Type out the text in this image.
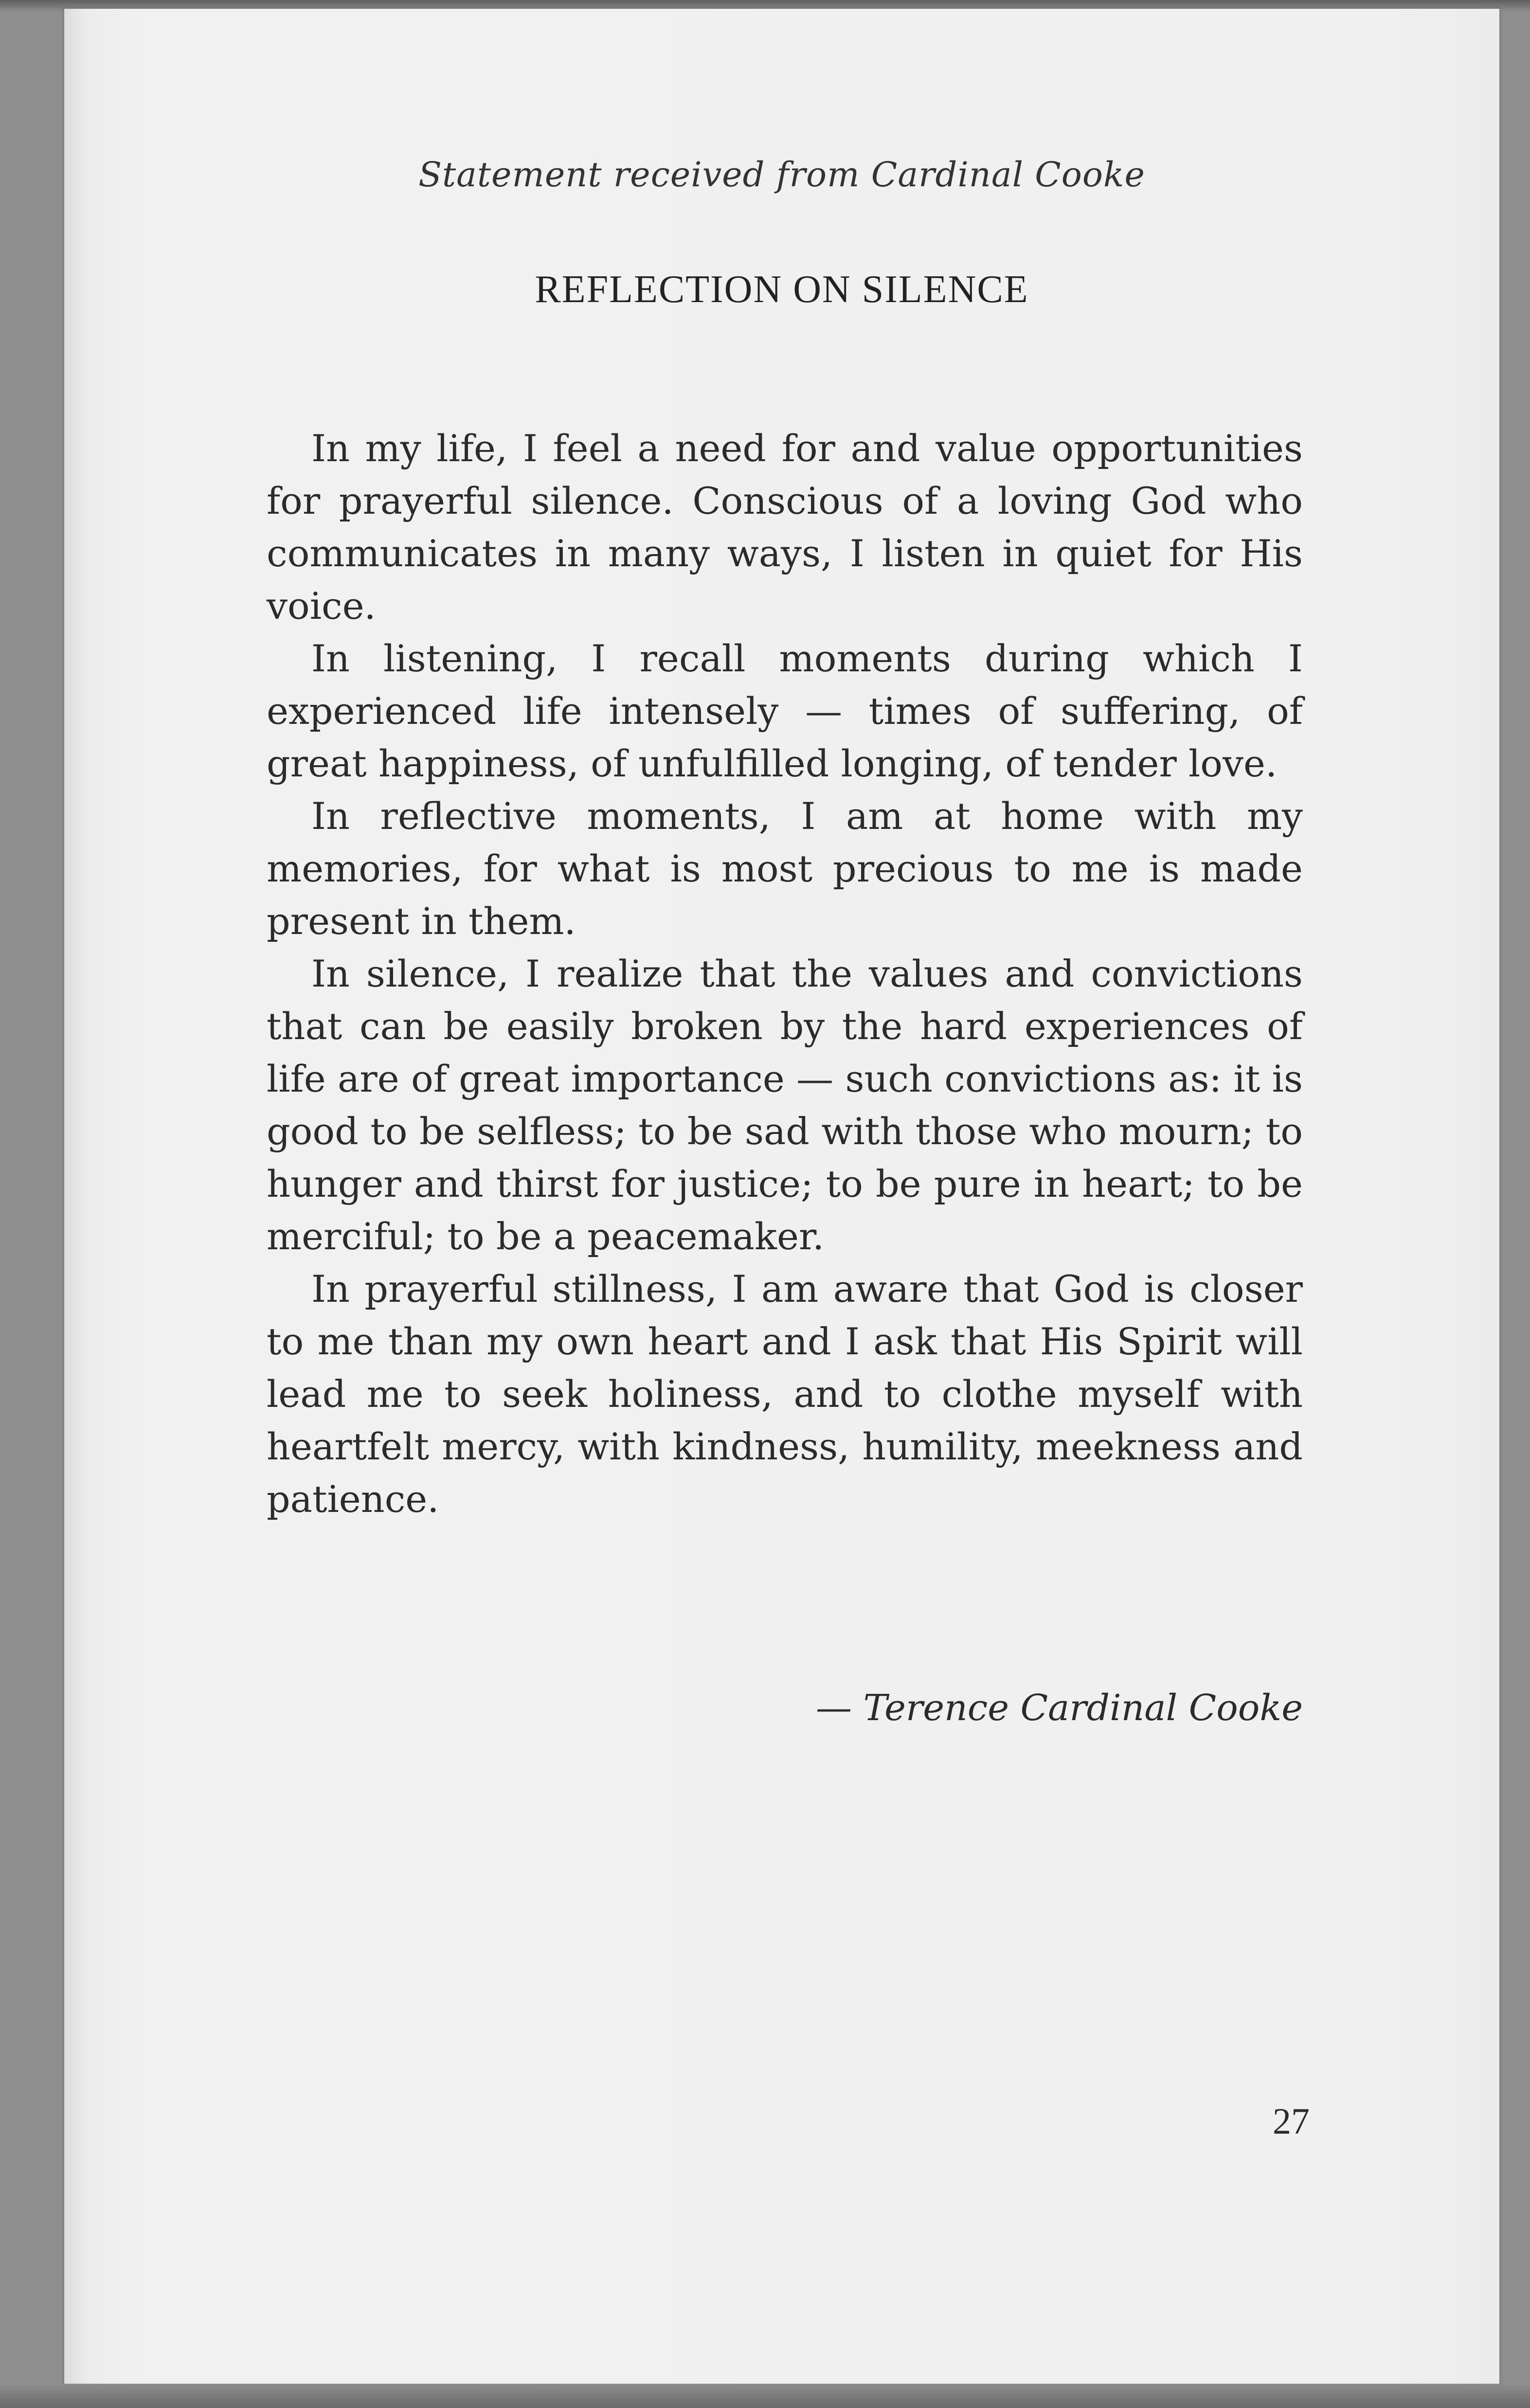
Statement received from Cardinal Cooke
REFLECTION ON SILENCE

In my life, I feel a need for and value opportunities for prayerful silence. Conscious of a loving God who communicates in many ways, I listen in quiet for His voice.

In listening, I recall moments during which I experienced life intensely — times of suffering, of great happiness, of unfulfilled longing, of tender love.

In reflective moments, I am at home with my memories, for what is most precious to me is made present in them.

In silence, I realize that the values and convictions that can be easily broken by the hard experiences of life are of great importance — such convictions as: it is good to be selfless; to be sad with those who mourn; to hunger and thirst for justice; to be pure in heart; to be merciful; to be a peacemaker.

In prayerful stillness, I am aware that God is closer to me than my own heart and I ask that His Spirit will lead me to seek holiness, and to clothe myself with heartfelt mercy, with kindness, humility, meekness and patience.

— Terence Cardinal Cooke
27
